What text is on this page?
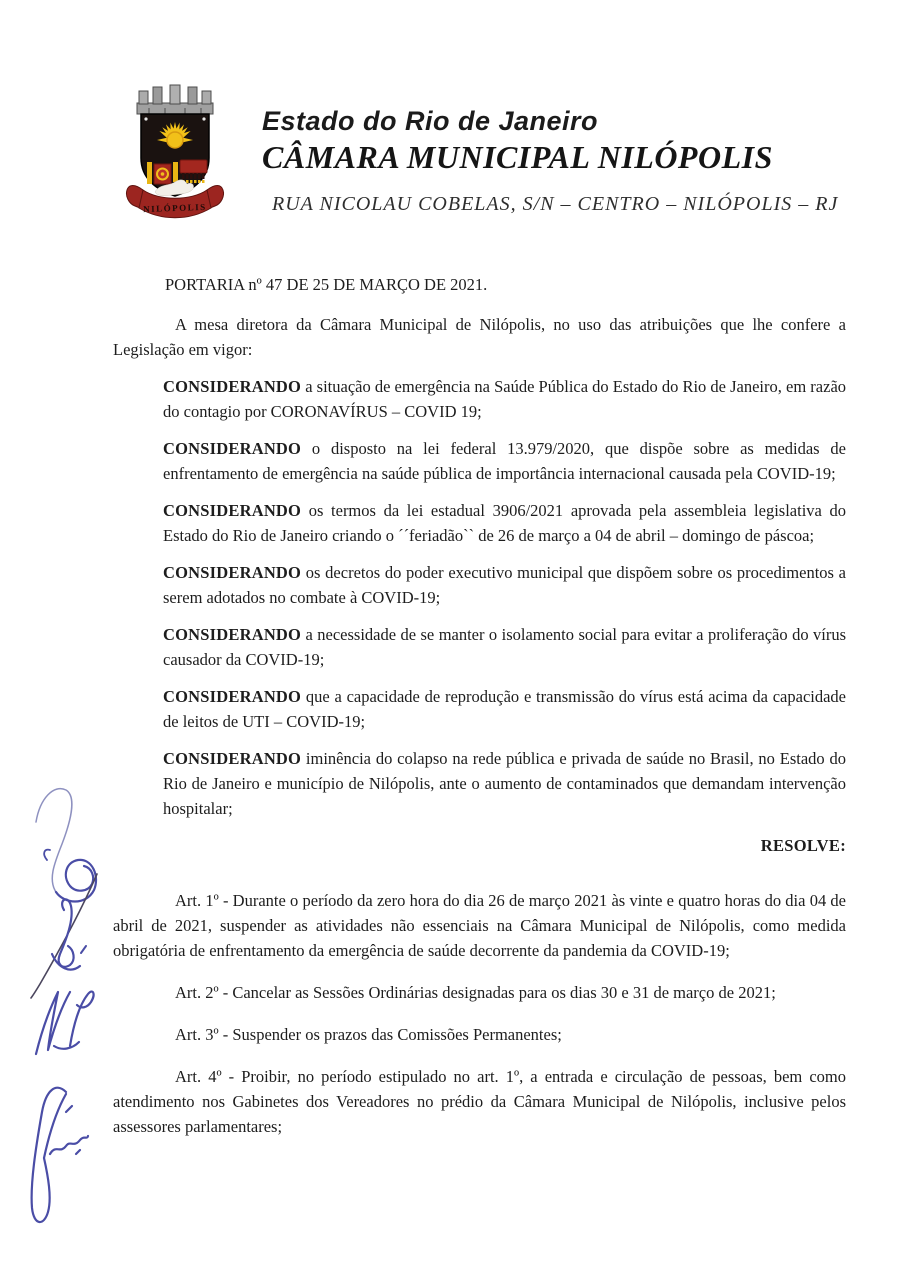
NILÓPOLIS
Estado do Rio de Janeiro
CÂMARA MUNICIPAL NILÓPOLIS
RUA NICOLAU COBELAS, S/N – CENTRO – NILÓPOLIS – RJ

PORTARIA nº 47 DE 25 DE MARÇO DE 2021.

A mesa diretora da Câmara Municipal de Nilópolis, no uso das atribuições que lhe confere a Legislação em vigor:

CONSIDERANDO a situação de emergência na Saúde Pública do Estado do Rio de Janeiro, em razão do contagio por CORONAVÍRUS – COVID 19;

CONSIDERANDO o disposto na lei federal 13.979/2020, que dispõe sobre as medidas de enfrentamento de emergência na saúde pública de importância internacional causada pela COVID-19;

CONSIDERANDO os termos da lei estadual 3906/2021 aprovada pela assembleia legislativa do Estado do Rio de Janeiro criando o ´´feriadão`` de 26 de março a 04 de abril – domingo de páscoa;

CONSIDERANDO os decretos do poder executivo municipal que dispõem sobre os procedimentos a serem adotados no combate à COVID-19;

CONSIDERANDO a necessidade de se manter o isolamento social para evitar a proliferação do vírus causador da COVID-19;

CONSIDERANDO que a capacidade de reprodução e transmissão do vírus está acima da capacidade de leitos de UTI – COVID-19;

CONSIDERANDO iminência do colapso na rede pública e privada de saúde no Brasil, no Estado do Rio de Janeiro e município de Nilópolis, ante o aumento de contaminados que demandam intervenção hospitalar;

RESOLVE:

Art. 1º - Durante o período da zero hora do dia 26 de março 2021 às vinte e quatro horas do dia 04 de abril de 2021, suspender as atividades não essenciais na Câmara Municipal de Nilópolis, como medida obrigatória de enfrentamento da emergência de saúde decorrente da pandemia da COVID-19;

Art. 2º - Cancelar as Sessões Ordinárias designadas para os dias 30 e 31 de março de 2021;

Art. 3º - Suspender os prazos das Comissões Permanentes;

Art. 4º - Proibir, no período estipulado no art. 1º, a entrada e circulação de pessoas, bem como atendimento nos Gabinetes dos Vereadores no prédio da Câmara Municipal de Nilópolis, inclusive pelos assessores parlamentares;
